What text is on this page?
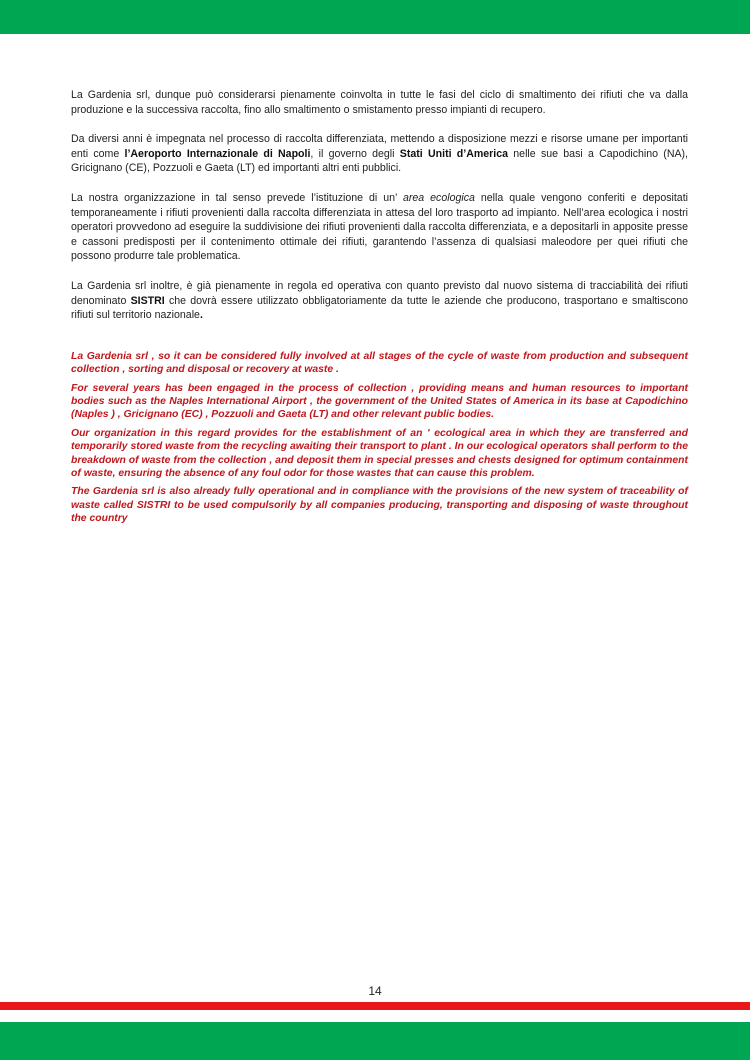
La Gardenia srl, dunque può considerarsi pienamente coinvolta in tutte le fasi del ciclo di smaltimento dei rifiuti che va dalla produzione e la successiva raccolta, fino allo smaltimento o smistamento presso impianti di recupero.

Da diversi anni è impegnata nel processo di raccolta differenziata, mettendo a disposizione mezzi e risorse umane per importanti enti come l’Aeroporto Internazionale di Napoli, il governo degli Stati Uniti d’America nelle sue basi a Capodichino (NA), Gricignano (CE), Pozzuoli e Gaeta (LT) ed importanti altri enti pubblici.

La nostra organizzazione in tal senso prevede l’istituzione di un’ area ecologica nella quale vengono conferiti e depositati temporaneamente i rifiuti provenienti dalla raccolta differenziata in attesa del loro trasporto ad impianto. Nell’area ecologica i nostri operatori provvedono ad eseguire la suddivisione dei rifiuti provenienti dalla raccolta differenziata, e a depositarli in apposite presse e cassoni predisposti per il contenimento ottimale dei rifiuti, garantendo l’assenza di qualsiasi maleodore per quei rifiuti che possono produrre tale problematica.

La Gardenia srl inoltre, è già pienamente in regola ed operativa con quanto previsto dal nuovo sistema di tracciabilità dei rifiuti denominato SISTRI che dovrà essere utilizzato obbligatoriamente da tutte le aziende che producono, trasportano e smaltiscono rifiuti sul territorio nazionale.

La Gardenia srl , so it can be considered fully involved at all stages of the cycle of waste from production and subsequent collection , sorting and disposal or recovery at waste .

For several years has been engaged in the process of collection , providing means and human resources to important bodies such as the Naples International Airport , the government of the United States of America in its base at Capodichino (Naples ) , Gricignano (EC) , Pozzuoli and Gaeta (LT) and other relevant public bodies.

Our organization in this regard provides for the establishment of an ' ecological area in which they are transferred and temporarily stored waste from the recycling awaiting their transport to plant . In our ecological operators shall perform to the breakdown of waste from the collection , and deposit them in special presses and chests designed for optimum containment of waste, ensuring the absence of any foul odor for those wastes that can cause this problem.

The Gardenia srl is also already fully operational and in compliance with the provisions of the new system of traceability of waste called SISTRI to be used compulsorily by all companies producing, transporting and disposing of waste throughout the country

14
